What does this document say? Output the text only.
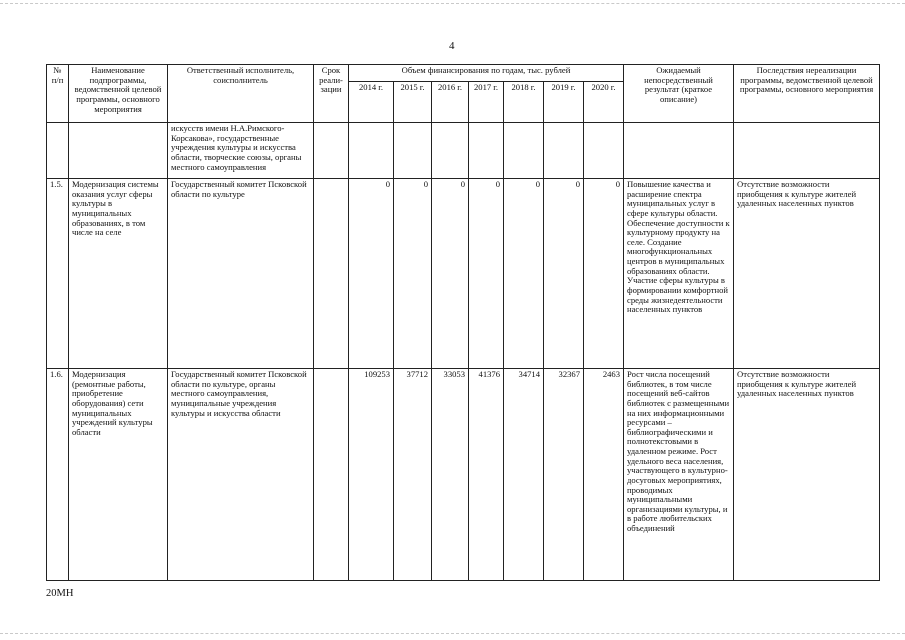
4
№ п/п	Наименование подпрограммы, ведомственной целевой программы, основного мероприятия	Ответственный исполнитель, соисполнитель	Срок реали-зации	Объем финансирования по годам, тыс. рублей							Ожидаемый непосредственный результат (краткое описание)	Последствия нереализации программы, ведомственной целевой программы, основного мероприятия
				2014 г.	2015 г.	2016 г.	2017 г.	2018 г.	2019 г.	2020 г.		
		искусств имени Н.А.Римского-Корсакова», государственные учреждения культуры и искусства области, творческие союзы, органы местного самоуправления										
1.5.	Модернизация системы оказания услуг сферы культуры в муниципальных образованиях, в том числе на селе	Государственный комитет Псковской области по культуре		0	0	0	0	0	0	0	Повышение качества и расширение спектра муниципальных услуг в сфере культуры области. Обеспечение доступности к культурному продукту на селе. Создание многофункциональных центров в муниципальных образованиях области. Участие сферы культуры в формировании комфортной среды жизнедеятельности населенных пунктов	Отсутствие возможности приобщения к культуре жителей удаленных населенных пунктов
1.6.	Модернизация (ремонтные работы, приобретение оборудования) сети муниципальных учреждений культуры области	Государственный комитет Псковской области по культуре, органы местного самоуправления, муниципальные учреждения культуры и искусства области		109253	37712	33053	41376	34714	32367	2463	Рост числа посещений библиотек, в том числе посещений веб-сайтов библиотек с размещенными на них информационными ресурсами – библиографическими и полнотекстовыми в удаленном режиме. Рост удельного веса населения, участвующего в культурно-досуговых мероприятиях, проводимых муниципальными организациями культуры, и в работе любительских объединений	Отсутствие возможности приобщения к культуре жителей удаленных населенных пунктов
20MH
